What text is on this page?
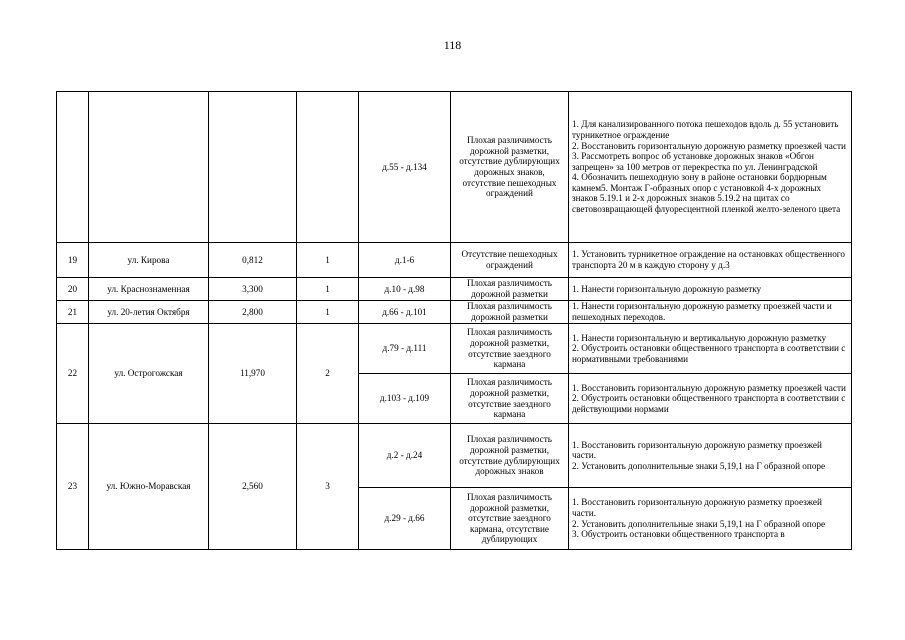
118
				д.55 - д.134	Плохая различимость дорожной разметки, отсутствие дублирующих дорожных знаков, отсутствие пешеходных ограждений	1. Для канализированного потока пешеходов вдоль д. 55 установить турникетное ограждение
2. Восстановить горизонтальную дорожную разметку проезжей части
3. Рассмотреть вопрос об установке дорожных знаков «Обгон запрещен» за 100 метров от перекрестка по ул. Ленинградской
4. Обозначить пешеходную зону в районе остановки бордюрным камнем5. Монтаж Г-образных опор с установкой 4-х дорожных знаков 5.19.1 и 2-х дорожных знаков 5.19.2 на щитах со световозвращающей флуоресцентной пленкой желто-зеленого цвета

19	ул. Кирова	0,812	1	д.1-6	Отсутствие пешеходных ограждений	1. Установить турникетное ограждение на остановках общественного транспорта 20 м в каждую сторону у д.3

20	ул. Краснознаменная	3,300	1	д.10 - д.98	Плохая различимость дорожной разметки	1. Нанести горизонтальную дорожную разметку

21	ул. 20-летия Октября	2,800	1	д.66 - д.101	Плохая различимость дорожной разметки	1. Нанести горизонтальную дорожную разметку проезжей части и пешеходных переходов.

22	ул. Острогожская	11,970	2	д.79 - д.111	Плохая различимость дорожной разметки, отсутствие заездного кармана	1. Нанести горизонтальную и вертикальную дорожную разметку
2. Обустроить остановки общественного транспорта в соответствии с нормативными требованиями

				д.103 - д.109	Плохая различимость дорожной разметки, отсутствие заездного кармана	1. Восстановить горизонтальную дорожную разметку проезжей части
2. Обустроить остановки общественного транспорта в соответствии с действующими нормами

23	ул. Южно-Моравская	2,560	3	д.2 - д.24	Плохая различимость дорожной разметки, отсутствие дублирующих дорожных знаков	1. Восстановить горизонтальную дорожную разметку проезжей части.
2. Установить дополнительные знаки 5,19,1 на Г образной опоре

				д.29 - д.66	Плохая различимость дорожной разметки, отсутствие заездного кармана, отсутствие дублирующих	1. Восстановить горизонтальную дорожную разметку проезжей части.
2. Установить дополнительные знаки 5,19,1 на Г образной опоре
3. Обустроить остановки общественного транспорта в
